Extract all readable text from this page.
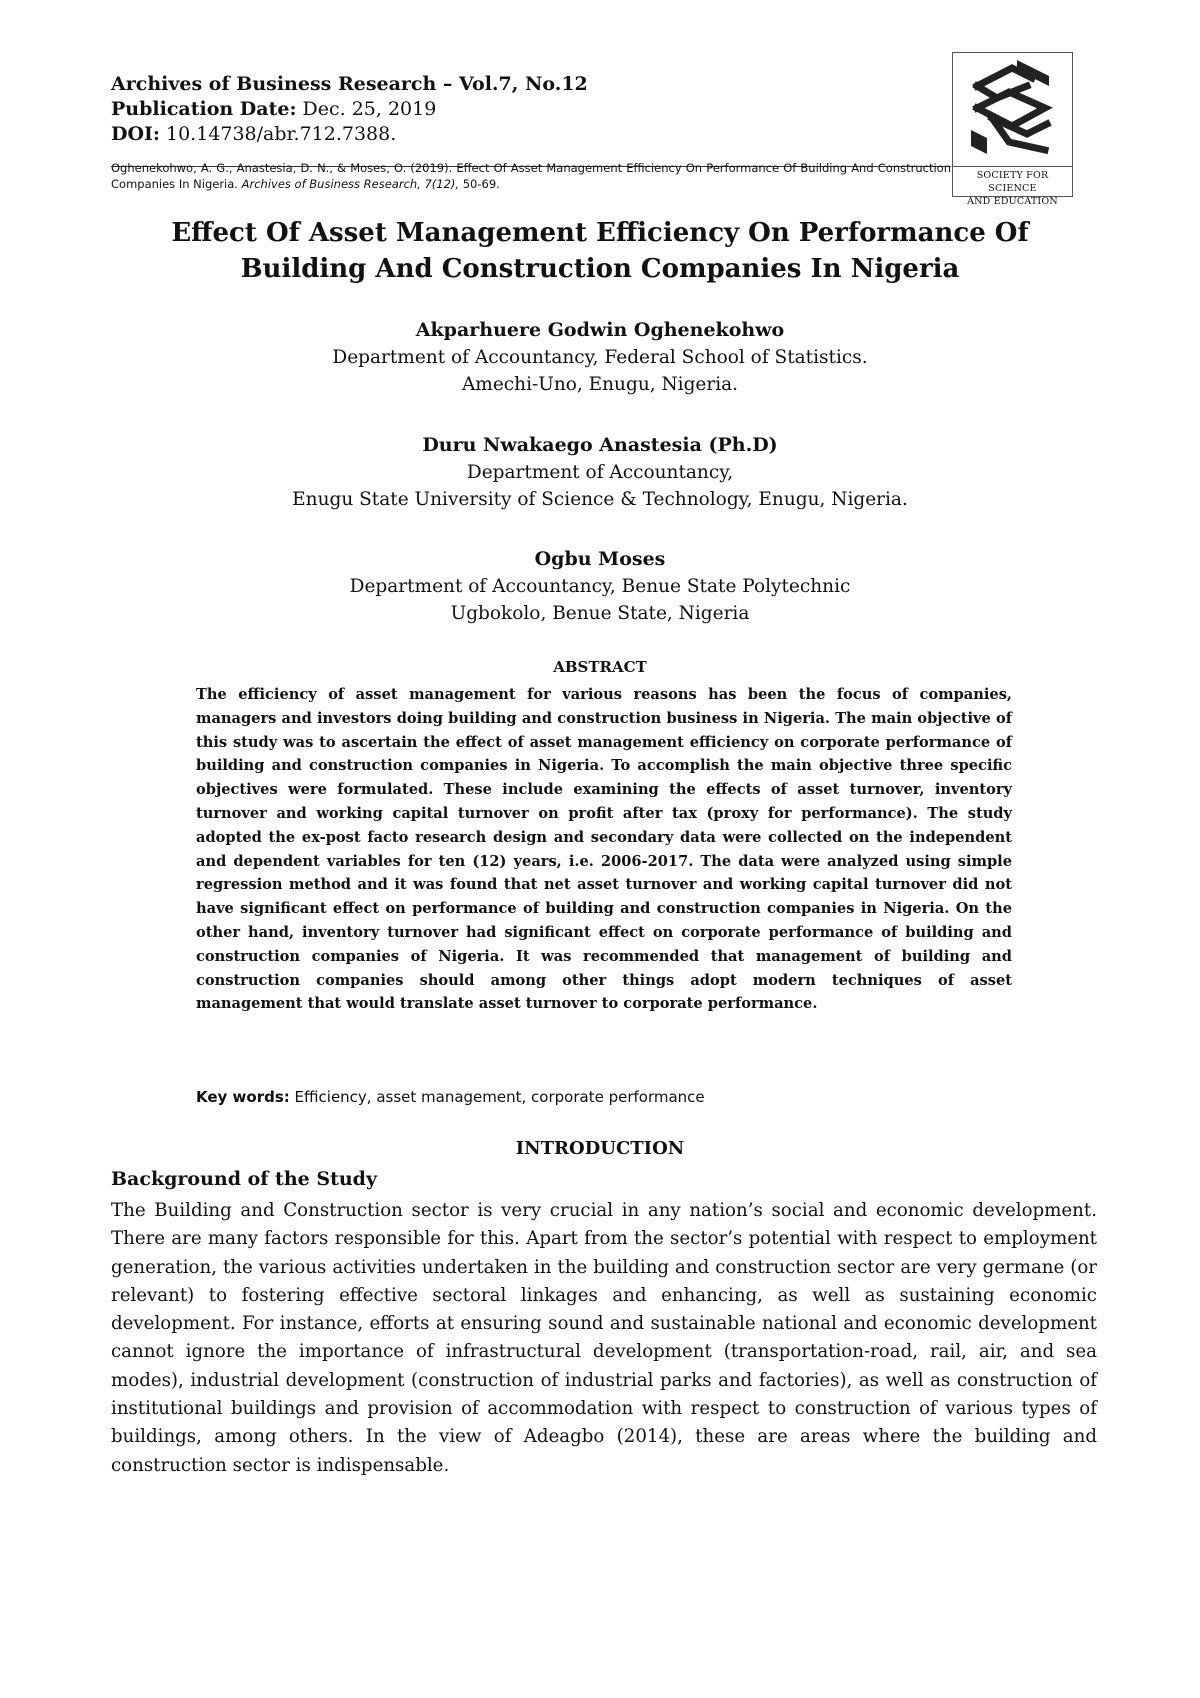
Archives of Business Research – Vol.7, No.12
Publication Date: Dec. 25, 2019
DOI: 10.14738/abr.712.7388.
Oghenekohwo, A. G., Anastesia, D. N., & Moses, O. (2019). Effect Of Asset Management Efficiency On Performance Of Building And Construction Companies In Nigeria. Archives of Business Research, 7(12), 50-69.
SOCIETY FOR SCIENCE
AND EDUCATION
Effect Of Asset Management Efficiency On Performance Of
Building And Construction Companies In Nigeria
Akparhuere Godwin Oghenekohwo
Department of Accountancy, Federal School of Statistics.
Amechi-Uno, Enugu, Nigeria.
Duru Nwakaego Anastesia (Ph.D)
Department of Accountancy,
Enugu State University of Science & Technology, Enugu, Nigeria.
Ogbu Moses
Department of Accountancy, Benue State Polytechnic
Ugbokolo, Benue State, Nigeria
ABSTRACT
The efficiency of asset management for various reasons has been the focus of companies, managers and investors doing building and construction business in Nigeria. The main objective of this study was to ascertain the effect of asset management efficiency on corporate performance of building and construction companies in Nigeria. To accomplish the main objective three specific objectives were formulated. These include examining the effects of asset turnover, inventory turnover and working capital turnover on profit after tax (proxy for performance). The study adopted the ex-post facto research design and secondary data were collected on the independent and dependent variables for ten (12) years, i.e. 2006-2017. The data were analyzed using simple regression method and it was found that net asset turnover and working capital turnover did not have significant effect on performance of building and construction companies in Nigeria. On the other hand, inventory turnover had significant effect on corporate performance of building and construction companies of Nigeria. It was recommended that management of building and construction companies should among other things adopt modern techniques of asset management that would translate asset turnover to corporate performance.
Key words: Efficiency, asset management, corporate performance
INTRODUCTION
Background of the Study
The Building and Construction sector is very crucial in any nation’s social and economic development. There are many factors responsible for this. Apart from the sector’s potential with respect to employment generation, the various activities undertaken in the building and construction sector are very germane (or relevant) to fostering effective sectoral linkages and enhancing, as well as sustaining economic development. For instance, efforts at ensuring sound and sustainable national and economic development cannot ignore the importance of infrastructural development (transportation-road, rail, air, and sea modes), industrial development (construction of industrial parks and factories), as well as construction of institutional buildings and provision of accommodation with respect to construction of various types of buildings, among others. In the view of Adeagbo (2014), these are areas where the building and construction sector is indispensable.
